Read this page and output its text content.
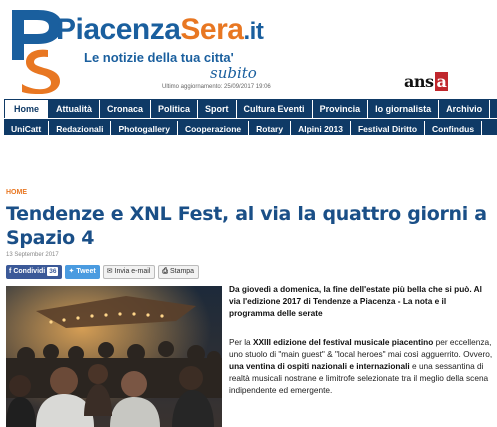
PiacenzaSera.it
Le notizie della tua citta'
subito
Ultimo aggiornamento: 25/09/2017 19:06	ans a
Home Attualità Cronaca Politica Sport Cultura Eventi Provincia Io giornalista Archivio
UniCatt Redazionali Photogallery Cooperazione Rotary Alpini 2013 Festival Diritto Confindus
HOME
Tendenze e XNL Fest, al via la quattro giorni a Spazio 4
13 September 2017
f Condividi 36 ✦ Tweet ✉ Invia e-mail ⎙ Stampa
Da giovedì a domenica, la fine dell'estate più bella che si può. Al via l'edizione 2017 di Tendenze a Piacenza - La nota e il programma delle serate
Per la XXIII edizione del festival musicale piacentino per eccellenza, uno stuolo di "main guest" & "local heroes" mai così agguerrito. Ovvero, una ventina di ospiti nazionali e internazionali e una sessantina di realtà musicali nostrane e limitrofe selezionate tra il meglio della scena indipendente ed emergente.
